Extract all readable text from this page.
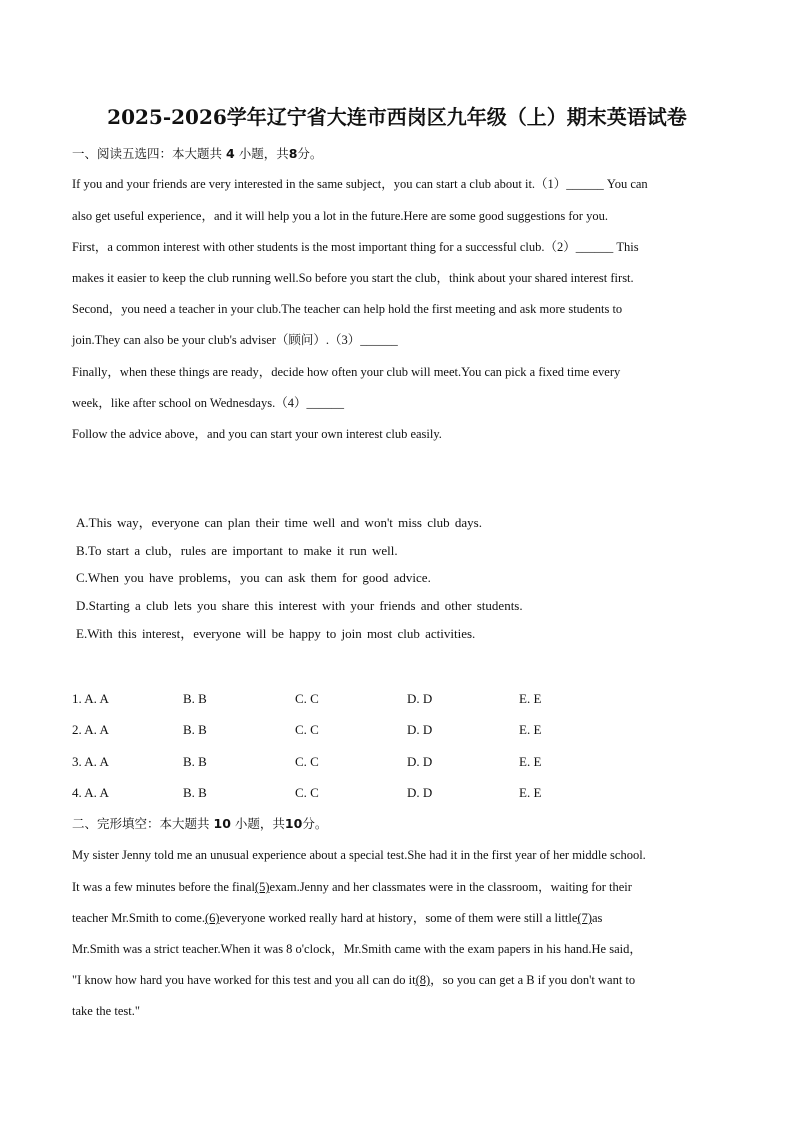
2025-2026学年辽宁省大连市西岗区九年级（上）期末英语试卷
一、阅读五选四：本大题共 4 小题，共8分。
If you and your friends are very interested in the same subject，you can start a club about it.（1）______ You can
also get useful experience，and it will help you a lot in the future.Here are some good suggestions for you.
First，a common interest with other students is the most important thing for a successful club.（2）______ This
makes it easier to keep the club running well.So before you start the club，think about your shared interest first.
Second，you need a teacher in your club.The teacher can help hold the first meeting and ask more students to
join.They can also be your club's adviser（顾问）.（3）______
Finally，when these things are ready，decide how often your club will meet.You can pick a fixed time every
week，like after school on Wednesdays.（4）______
Follow the advice above，and you can start your own interest club easily.
A.This way，everyone can plan their time well and won't miss club days.
B.To start a club，rules are important to make it run well.
C.When you have problems，you can ask them for good advice.
D.Starting a club lets you share this interest with your friends and other students.
E.With this interest，everyone will be happy to join most club activities.
1. A. A	B. B	C. C	D. D	E. E
2. A. A	B. B	C. C	D. D	E. E
3. A. A	B. B	C. C	D. D	E. E
4. A. A	B. B	C. C	D. D	E. E
二、完形填空：本大题共 10 小题，共10分。
My sister Jenny told me an unusual experience about a special test.She had it in the first year of her middle school.
It was a few minutes before the final(5)exam.Jenny and her classmates were in the classroom，waiting for their
teacher Mr.Smith to come.(6)everyone worked really hard at history，some of them were still a little(7)as
Mr.Smith was a strict teacher.When it was 8 o'clock，Mr.Smith came with the exam papers in his hand.He said，
"I know how hard you have worked for this test and you all can do it(8)，so you can get a B if you don't want to
take the test."
